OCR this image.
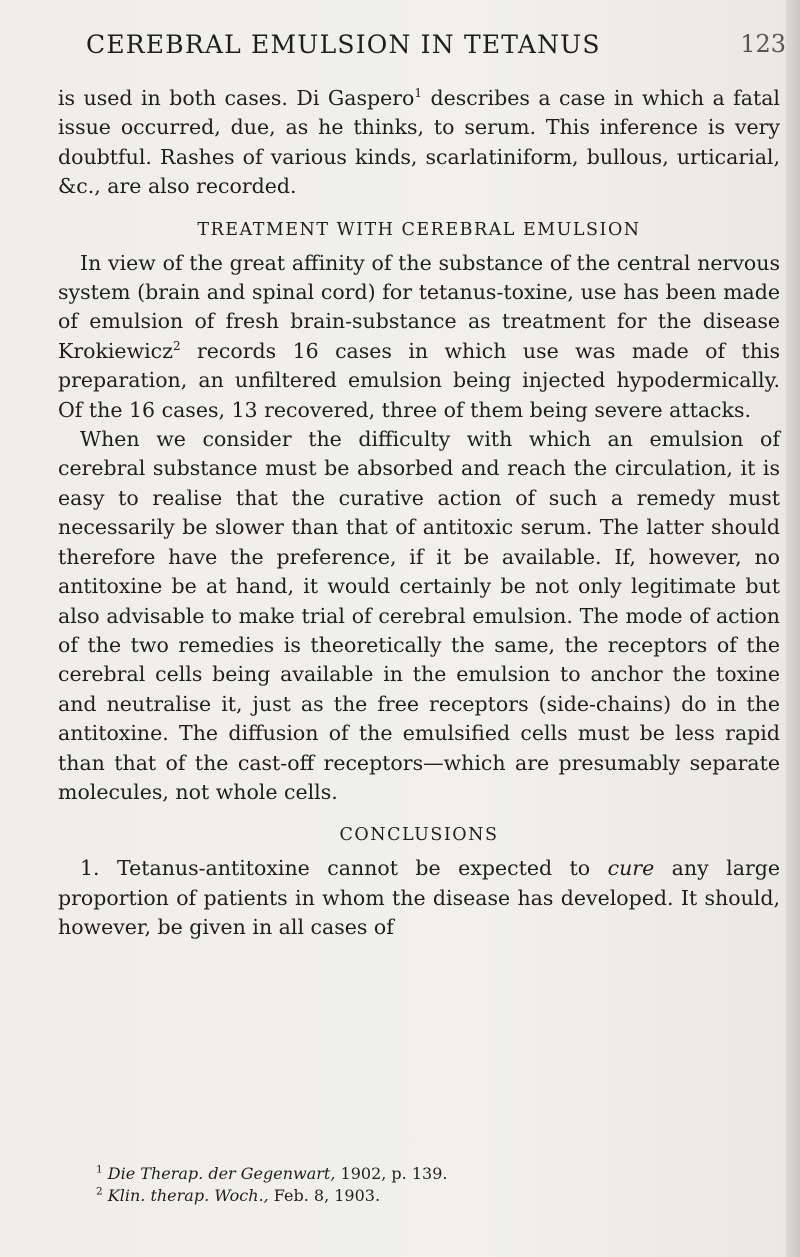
CEREBRAL EMULSION IN TETANUS	123

is used in both cases. Di Gaspero$^1$ describes a case in which a fatal issue occurred, due, as he thinks, to serum. This inference is very doubtful. Rashes of various kinds, scarlatiniform, bullous, urticarial, &c., are also recorded.

TREATMENT WITH CEREBRAL EMULSION

In view of the great affinity of the substance of the central nervous system (brain and spinal cord) for tetanus-toxine, use has been made of emulsion of fresh brain-substance as treatment for the disease Krokiewicz$^2$ records 16 cases in which use was made of this preparation, an unfiltered emulsion being injected hypodermically. Of the 16 cases, 13 recovered, three of them being severe attacks.

When we consider the difficulty with which an emulsion of cerebral substance must be absorbed and reach the circulation, it is easy to realise that the curative action of such a remedy must necessarily be slower than that of antitoxic serum. The latter should therefore have the preference, if it be available. If, however, no antitoxine be at hand, it would certainly be not only legitimate but also advisable to make trial of cerebral emulsion. The mode of action of the two remedies is theoretically the same, the receptors of the cerebral cells being available in the emulsion to anchor the toxine and neutralise it, just as the free receptors (side-chains) do in the antitoxine. The diffusion of the emulsified cells must be less rapid than that of the cast-off receptors—which are presumably separate molecules, not whole cells.

CONCLUSIONS

1. Tetanus-antitoxine cannot be expected to cure any large proportion of patients in whom the disease has developed. It should, however, be given in all cases of

$^1$ Die Therap. der Gegenwart, 1902, p. 139.
$^2$ Klin. therap. Woch., Feb. 8, 1903.
